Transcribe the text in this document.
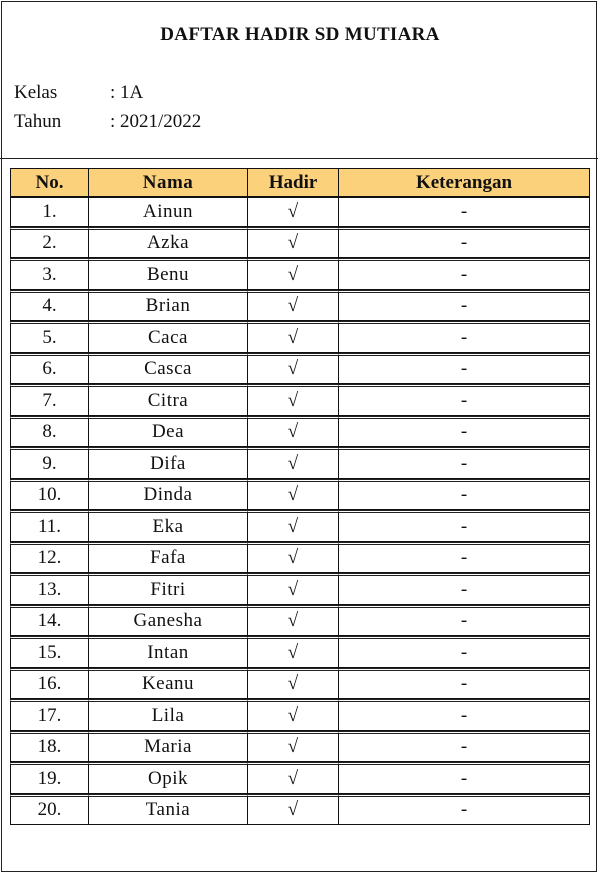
DAFTAR HADIR SD MUTIARA
Kelas	: 1A
Tahun	: 2021/2022
No.	Nama	Hadir	Keterangan
1.	Ainun	√	-
2.	Azka	√	-
3.	Benu	√	-
4.	Brian	√	-
5.	Caca	√	-
6.	Casca	√	-
7.	Citra	√	-
8.	Dea	√	-
9.	Difa	√	-
10.	Dinda	√	-
11.	Eka	√	-
12.	Fafa	√	-
13.	Fitri	√	-
14.	Ganesha	√	-
15.	Intan	√	-
16.	Keanu	√	-
17.	Lila	√	-
18.	Maria	√	-
19.	Opik	√	-
20.	Tania	√	-
